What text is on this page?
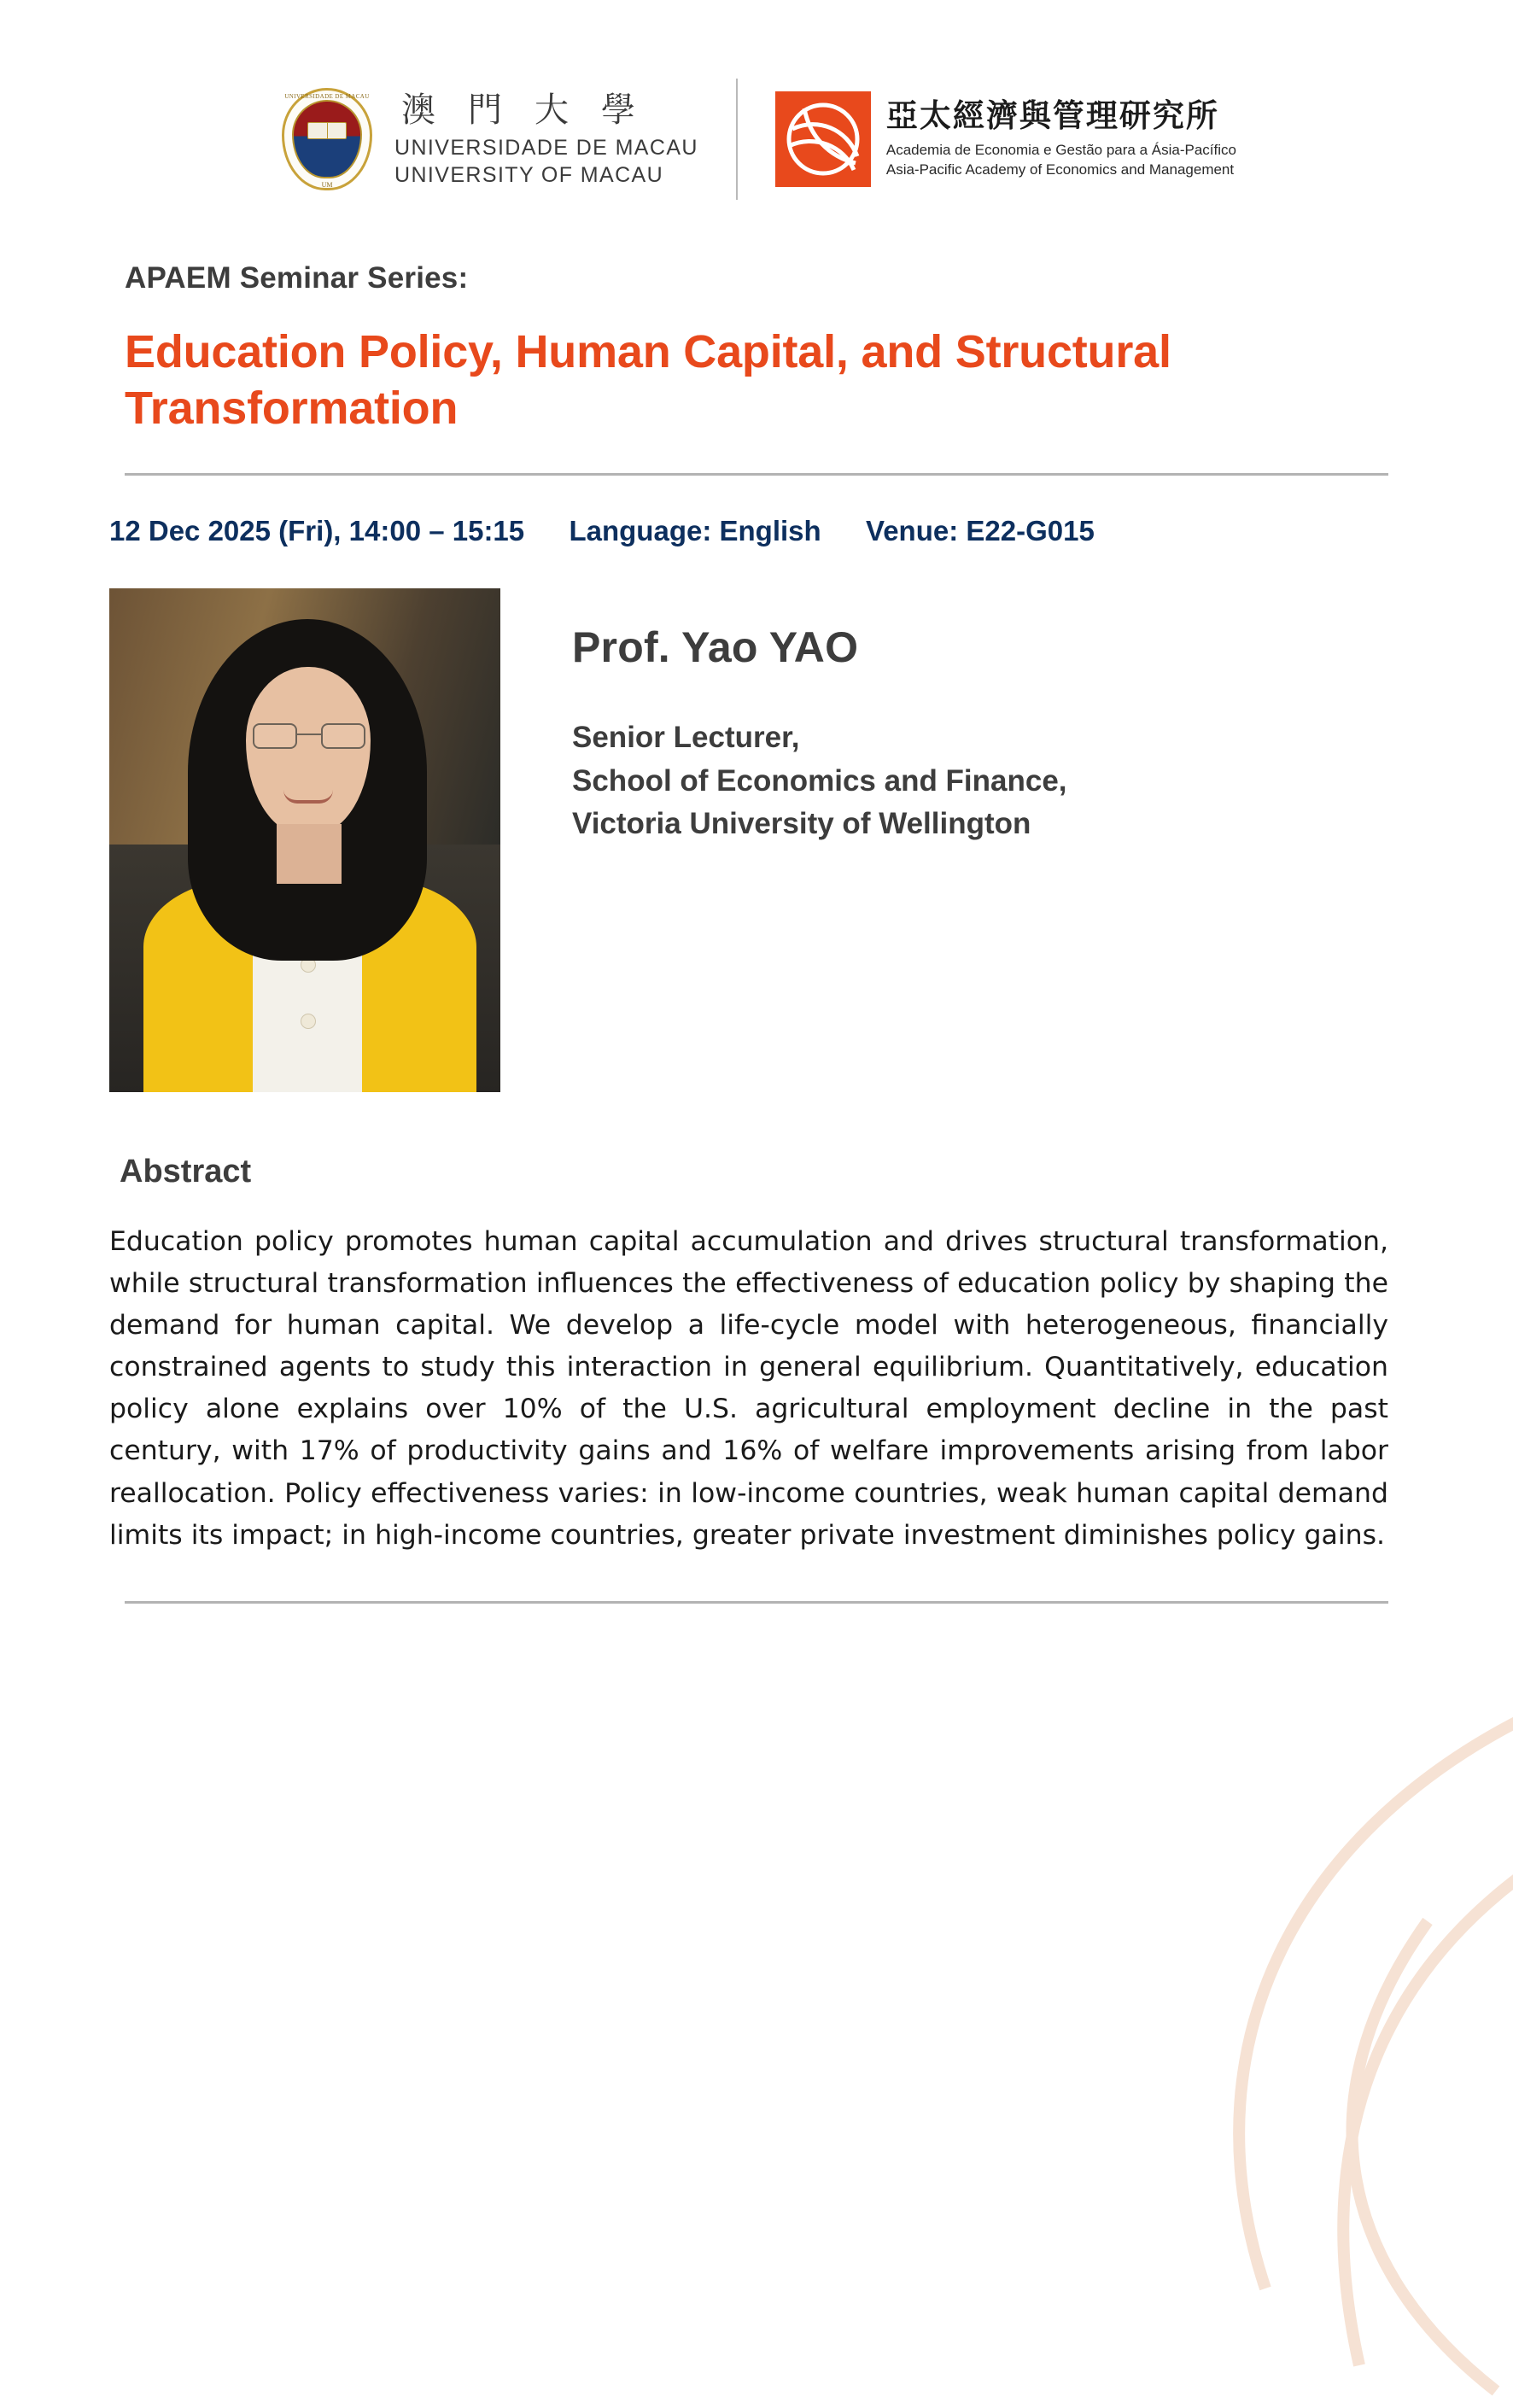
UNIVERSIDADE DE MACAU
UM
澳 門 大 學
UNIVERSIDADE DE MACAU
UNIVERSITY OF MACAU
亞太經濟與管理研究所
Academia de Economia e Gestão para a Ásia-Pacífico
Asia-Pacific Academy of Economics and Management
APAEM Seminar Series:
Education Policy, Human Capital, and Structural Transformation
12 Dec 2025 (Fri), 14:00 – 15:15 Language: English Venue: E22-G015
Prof. Yao YAO
Senior Lecturer,
School of Economics and Finance,
Victoria University of Wellington
Abstract

Education policy promotes human capital accumulation and drives structural transformation, while structural transformation influences the effectiveness of education policy by shaping the demand for human capital. We develop a life-cycle model with heterogeneous, financially constrained agents to study this interaction in general equilibrium. Quantitatively, education policy alone explains over 10% of the U.S. agricultural employment decline in the past century, with 17% of productivity gains and 16% of welfare improvements arising from labor reallocation. Policy effectiveness varies: in low-income countries, weak human capital demand limits its impact; in high-income countries, greater private investment diminishes policy gains.
